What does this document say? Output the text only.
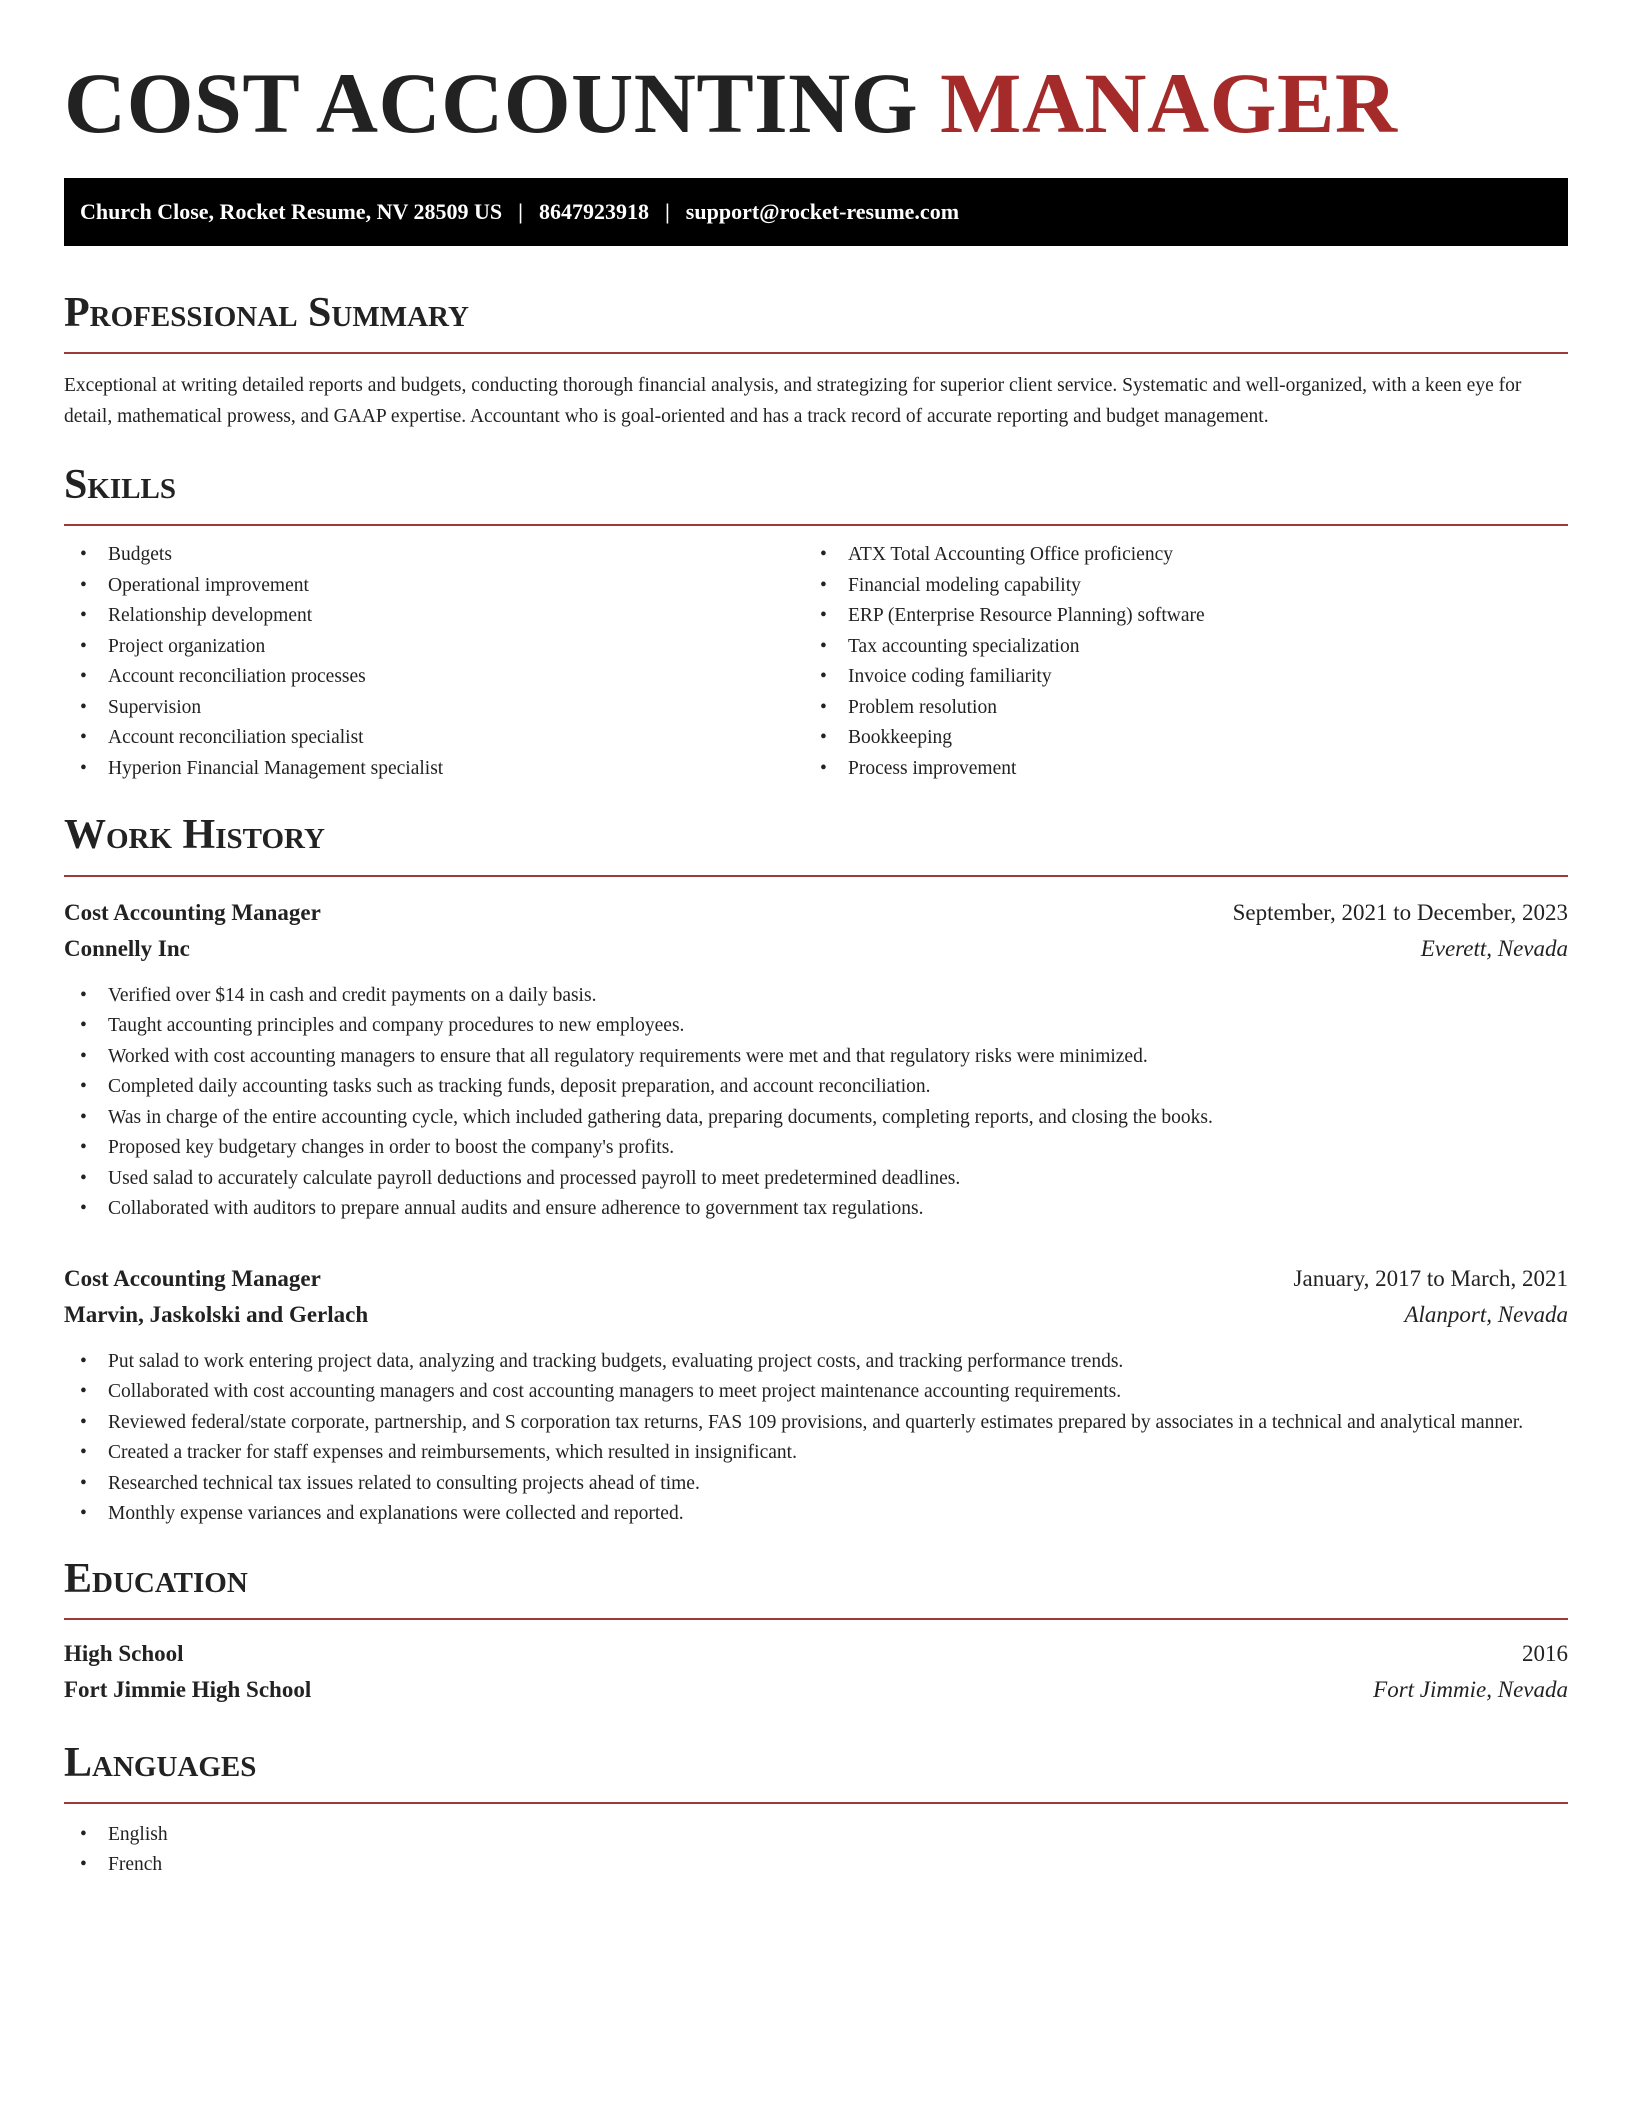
COST ACCOUNTING MANAGER
Church Close, Rocket Resume, NV 28509 US | 8647923918 | support@rocket-resume.com
Professional Summary

Exceptional at writing detailed reports and budgets, conducting thorough financial analysis, and strategizing for superior client service. Systematic and well-organized, with a keen eye for detail, mathematical prowess, and GAAP expertise. Accountant who is goal-oriented and has a track record of accurate reporting and budget management.

Skills
• Budgets
• Operational improvement
• Relationship development
• Project organization
• Account reconciliation processes
• Supervision
• Account reconciliation specialist
• Hyperion Financial Management specialist
• ATX Total Accounting Office proficiency
• Financial modeling capability
• ERP (Enterprise Resource Planning) software
• Tax accounting specialization
• Invoice coding familiarity
• Problem resolution
• Bookkeeping
• Process improvement
Work History
Cost Accounting Manager	September, 2021 to December, 2023
Connelly Inc	Everett, Nevada
• Verified over $14 in cash and credit payments on a daily basis.
• Taught accounting principles and company procedures to new employees.
• Worked with cost accounting managers to ensure that all regulatory requirements were met and that regulatory risks were minimized.
• Completed daily accounting tasks such as tracking funds, deposit preparation, and account reconciliation.
• Was in charge of the entire accounting cycle, which included gathering data, preparing documents, completing reports, and closing the books.
• Proposed key budgetary changes in order to boost the company's profits.
• Used salad to accurately calculate payroll deductions and processed payroll to meet predetermined deadlines.
• Collaborated with auditors to prepare annual audits and ensure adherence to government tax regulations.
Cost Accounting Manager	January, 2017 to March, 2021
Marvin, Jaskolski and Gerlach	Alanport, Nevada
• Put salad to work entering project data, analyzing and tracking budgets, evaluating project costs, and tracking performance trends.
• Collaborated with cost accounting managers and cost accounting managers to meet project maintenance accounting requirements.
• Reviewed federal/state corporate, partnership, and S corporation tax returns, FAS 109 provisions, and quarterly estimates prepared by associates in a technical and analytical manner.
• Created a tracker for staff expenses and reimbursements, which resulted in insignificant.
• Researched technical tax issues related to consulting projects ahead of time.
• Monthly expense variances and explanations were collected and reported.
Education
High School	2016
Fort Jimmie High School	Fort Jimmie, Nevada
Languages
• English
• French
